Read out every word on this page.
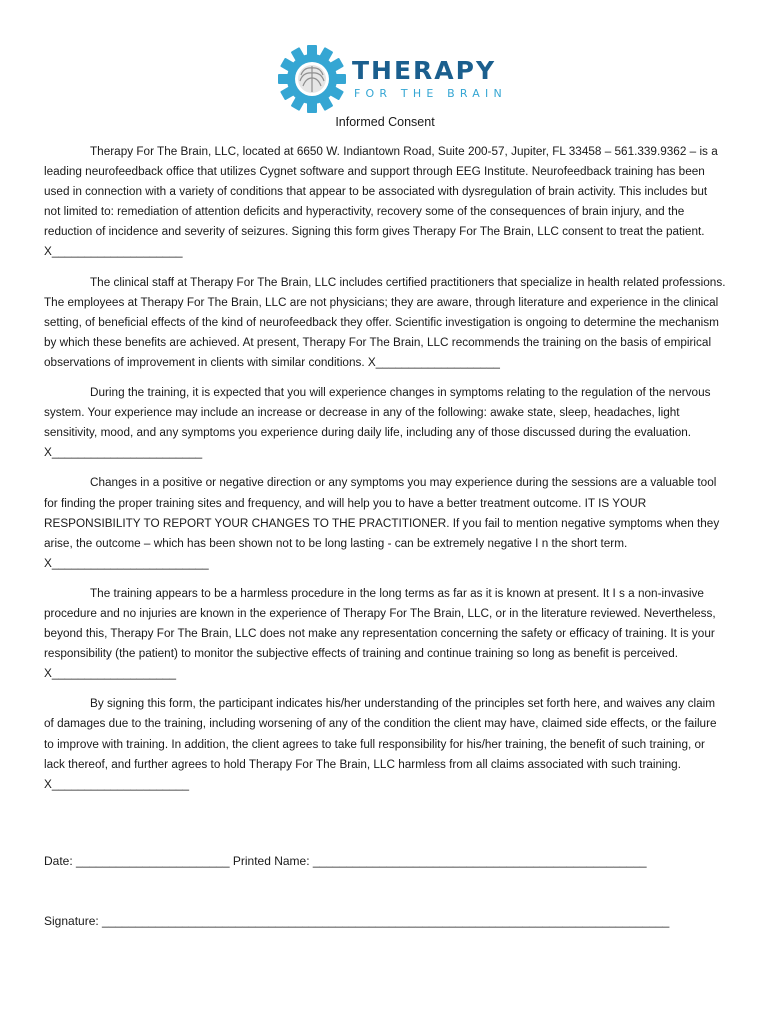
THERAPY
FOR THE BRAIN
Informed Consent

Therapy For The Brain, LLC, located at 6650 W. Indiantown Road, Suite 200-57, Jupiter, FL 33458 – 561.339.9362 – is a leading neurofeedback office that utilizes Cygnet software and support through EEG Institute. Neurofeedback training has been used in connection with a variety of conditions that appear to be associated with dysregulation of brain activity. This includes but not limited to: remediation of attention deficits and hyperactivity, recovery some of the consequences of brain injury, and the reduction of incidence and severity of seizures. Signing this form gives Therapy For The Brain, LLC consent to treat the patient. X____________________

The clinical staff at Therapy For The Brain, LLC includes certified practitioners that specialize in health related professions. The employees at Therapy For The Brain, LLC are not physicians; they are aware, through literature and experience in the clinical setting, of beneficial effects of the kind of neurofeedback they offer. Scientific investigation is ongoing to determine the mechanism by which these benefits are achieved. At present, Therapy For The Brain, LLC recommends the training on the basis of empirical observations of improvement in clients with similar conditions. X___________________

During the training, it is expected that you will experience changes in symptoms relating to the regulation of the nervous system. Your experience may include an increase or decrease in any of the following: awake state, sleep, headaches, light sensitivity, mood, and any symptoms you experience during daily life, including any of those discussed during the evaluation. X_______________________

Changes in a positive or negative direction or any symptoms you may experience during the sessions are a valuable tool for finding the proper training sites and frequency, and will help you to have a better treatment outcome. IT IS YOUR RESPONSIBILITY TO REPORT YOUR CHANGES TO THE PRACTITIONER. If you fail to mention negative symptoms when they arise, the outcome – which has been shown not to be long lasting - can be extremely negative I n the short term. X________________________

The training appears to be a harmless procedure in the long terms as far as it is known at present. It I s a non-invasive procedure and no injuries are known in the experience of Therapy For The Brain, LLC, or in the literature reviewed. Nevertheless, beyond this, Therapy For The Brain, LLC does not make any representation concerning the safety or efficacy of training. It is your responsibility (the patient) to monitor the subjective effects of training and continue training so long as benefit is perceived. X___________________

By signing this form, the participant indicates his/her understanding of the principles set forth here, and waives any claim of damages due to the training, including worsening of any of the condition the client may have, claimed side effects, or the failure to improve with training. In addition, the client agrees to take full responsibility for his/her training, the benefit of such training, or lack thereof, and further agrees to hold Therapy For The Brain, LLC harmless from all claims associated with such training. X_____________________

Date: _______________________ Printed Name: __________________________________________________
Signature: _____________________________________________________________________________________
